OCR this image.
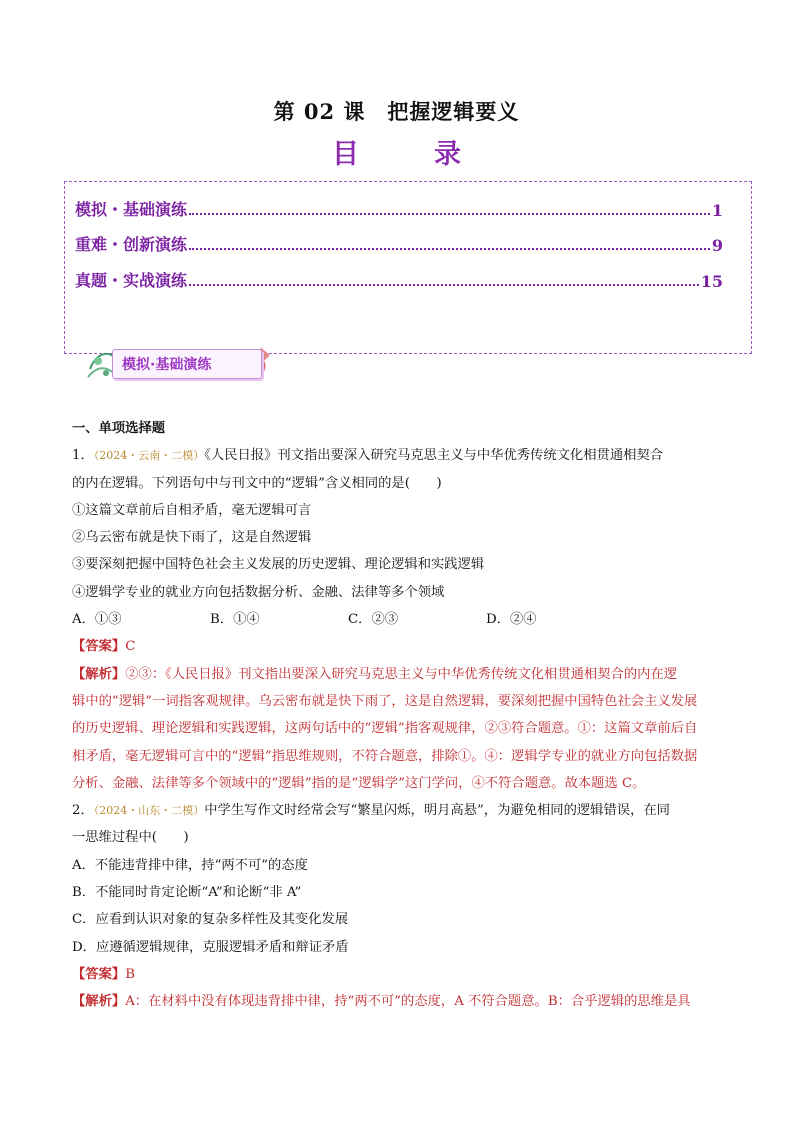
第 02 课　把握逻辑要义
目　录
模拟・基础演练	1
重难・创新演练	9
真题・实战演练	15
模拟·基础演练

一、单项选择题

1．（2024・云南・二模）《人民日报》刊文指出要深入研究马克思主义与中华优秀传统文化相贯通相契合

的内在逻辑。下列语句中与刊文中的“逻辑”含义相同的是(　　)

①这篇文章前后自相矛盾，毫无逻辑可言

②乌云密布就是快下雨了，这是自然逻辑

③要深刻把握中国特色社会主义发展的历史逻辑、理论逻辑和实践逻辑

④逻辑学专业的就业方向包括数据分析、金融、法律等多个领域

A．①③	B．①④	C．②③	D．②④

【答案】C

【解析】②③：《人民日报》刊文指出要深入研究马克思主义与中华优秀传统文化相贯通相契合的内在逻

辑中的“逻辑”一词指客观规律。乌云密布就是快下雨了，这是自然逻辑，要深刻把握中国特色社会主义发展

的历史逻辑、理论逻辑和实践逻辑，这两句话中的“逻辑”指客观规律，②③符合题意。①：这篇文章前后自

相矛盾，毫无逻辑可言中的“逻辑”指思维规则，不符合题意，排除①。④：逻辑学专业的就业方向包括数据

分析、金融、法律等多个领域中的“逻辑”指的是“逻辑学”这门学问，④不符合题意。故本题选 C。

2．（2024・山东・二模）中学生写作文时经常会写“繁星闪烁，明月高悬”，为避免相同的逻辑错误，在同

一思维过程中(　　)

A．不能违背排中律，持“两不可”的态度

B．不能同时肯定论断“A”和论断“非 A”

C．应看到认识对象的复杂多样性及其变化发展

D．应遵循逻辑规律，克服逻辑矛盾和辩证矛盾

【答案】B

【解析】A：在材料中没有体现违背排中律，持“两不可”的态度，A 不符合题意。B：合乎逻辑的思维是具
